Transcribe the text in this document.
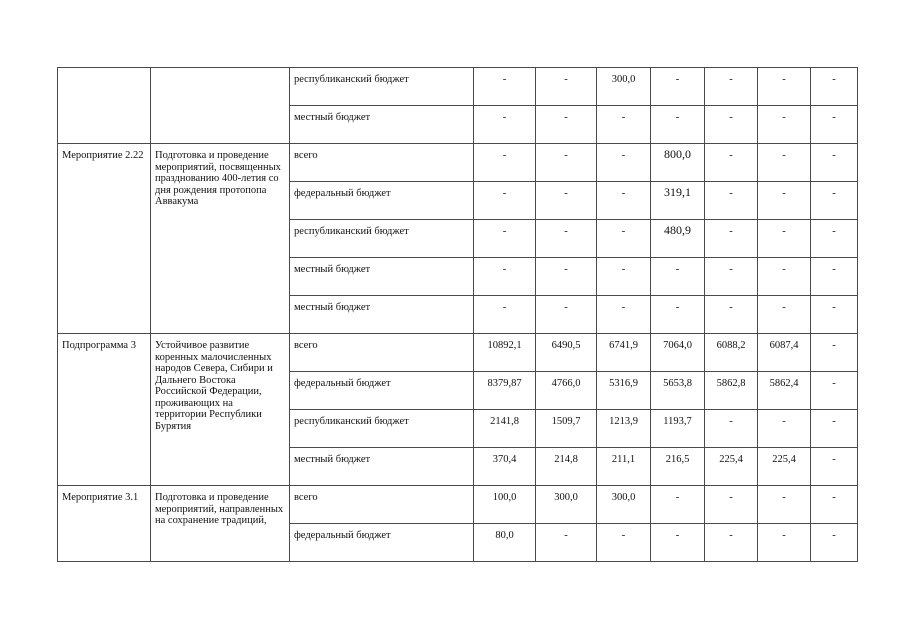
		республиканский бюджет	-	-	300,0	-	-	-	-
		местный бюджет	-	-	-	-	-	-	-
Мероприятие 2.22	Подготовка и проведение мероприятий, посвященных празднованию 400-летия со дня рождения протопопа Аввакума	всего	-	-	-	800,0	-	-	-
		федеральный бюджет	-	-	-	319,1	-	-	-
		республиканский бюджет	-	-	-	480,9	-	-	-
		местный бюджет	-	-	-	-	-	-	-
		местный бюджет	-	-	-	-	-	-	-
Подпрограмма 3	Устойчивое развитие коренных малочисленных народов Севера, Сибири и Дальнего Востока Российской Федерации, проживающих на территории Республики Бурятия	всего	10892,1	6490,5	6741,9	7064,0	6088,2	6087,4	-
		федеральный бюджет	8379,87	4766,0	5316,9	5653,8	5862,8	5862,4	-
		республиканский бюджет	2141,8	1509,7	1213,9	1193,7	-	-	-
		местный бюджет	370,4	214,8	211,1	216,5	225,4	225,4	-
Мероприятие 3.1	Подготовка и проведение мероприятий, направленных на сохранение традиций,	всего	100,0	300,0	300,0	-	-	-	-
		федеральный бюджет	80,0	-	-	-	-	-	-
